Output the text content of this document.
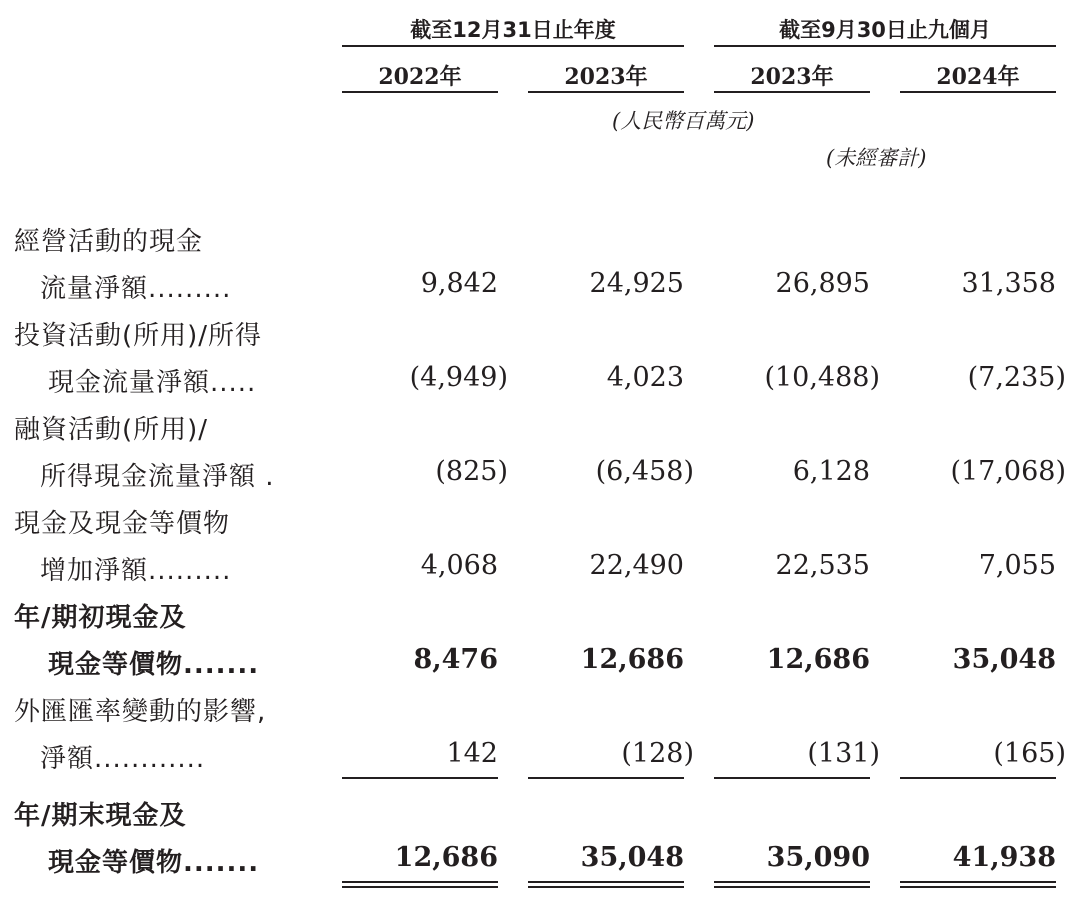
截至12月31日止年度	截至9月30日止九個月
2022年	2023年	2023年	2024年
(人民幣百萬元)
(未經審計)
經營活動的現金
流量淨額.........	9,842	24,925	26,895	31,358
投資活動(所用)/所得
現金流量淨額.....	(4,949)	4,023	(10,488)	(7,235)
融資活動(所用)/
所得現金流量淨額 .	(825)	(6,458)	6,128	(17,068)
現金及現金等價物
增加淨額.........	4,068	22,490	22,535	7,055
年/期初現金及
現金等價物.......	8,476	12,686	12,686	35,048
外匯匯率變動的影響,
淨額............	142	(128)	(131)	(165)
年/期末現金及
現金等價物.......	12,686	35,048	35,090	41,938
